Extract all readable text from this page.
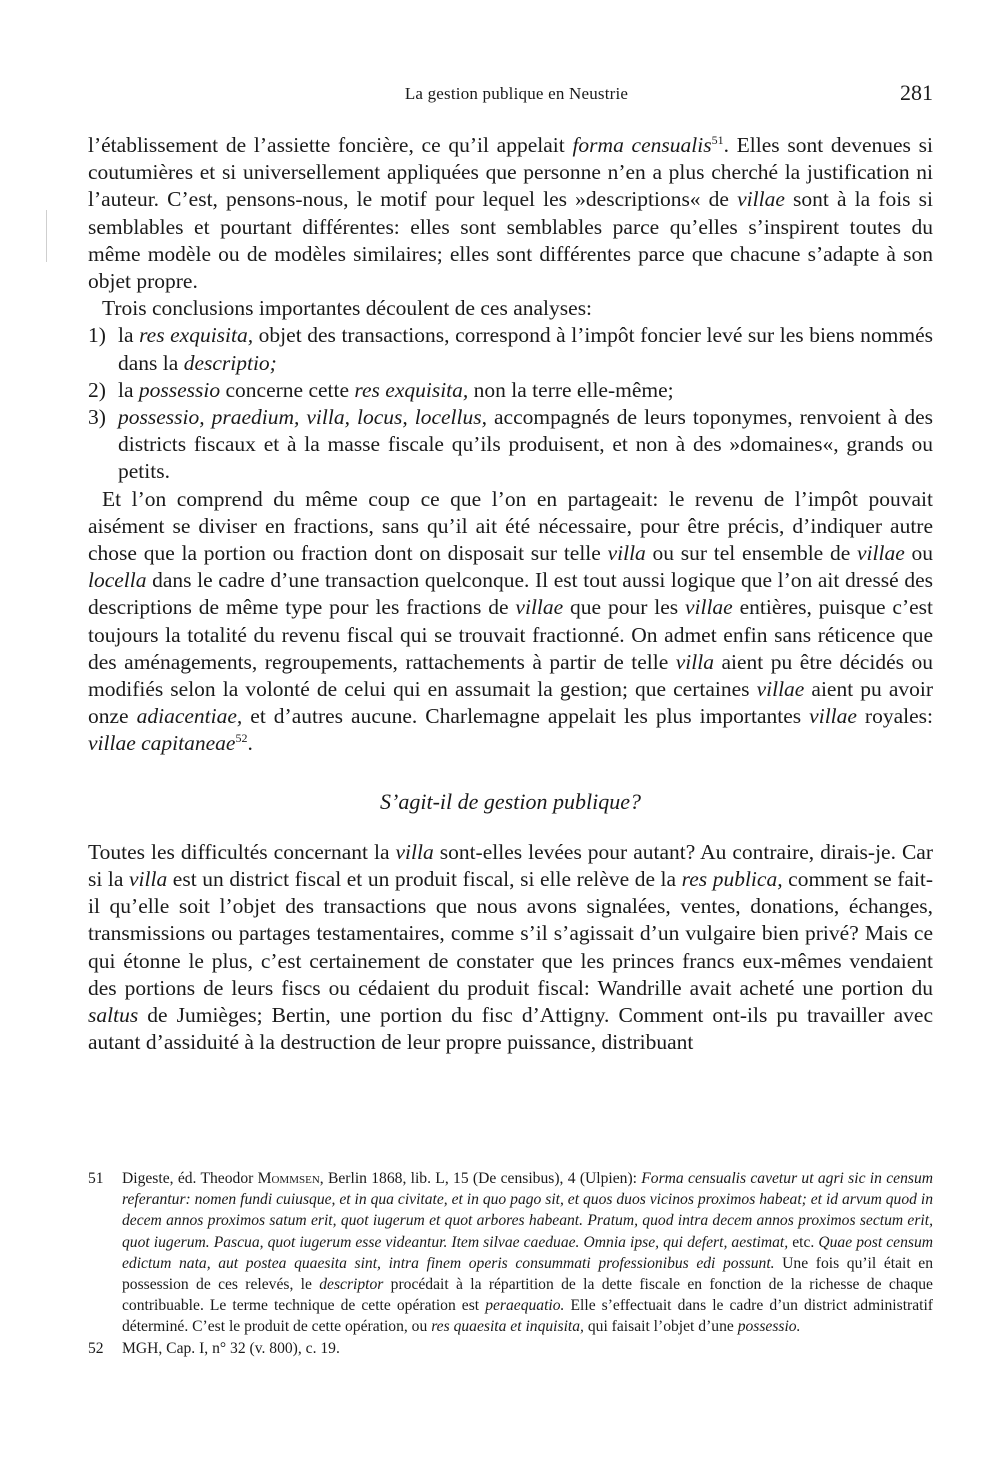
La gestion publique en Neustrie	281

l’établissement de l’assiette foncière, ce qu’il appelait forma censualis$^{51}$. Elles sont devenues si coutumières et si universellement appliquées que personne n’en a plus cherché la justification ni l’auteur. C’est, pensons-nous, le motif pour lequel les »descriptions« de villae sont à la fois si semblables et pourtant différentes: elles sont semblables parce qu’elles s’inspirent toutes du même modèle ou de modèles similaires; elles sont différentes parce que chacune s’adapte à son objet propre.

Trois conclusions importantes découlent de ces analyses:

1) la res exquisita, objet des transactions, correspond à l’impôt foncier levé sur les biens nommés dans la descriptio;
2) la possessio concerne cette res exquisita, non la terre elle-même;
3) possessio, praedium, villa, locus, locellus, accompagnés de leurs toponymes, renvoient à des districts fiscaux et à la masse fiscale qu’ils produisent, et non à des »domaines«, grands ou petits.

Et l’on comprend du même coup ce que l’on en partageait: le revenu de l’impôt pouvait aisément se diviser en fractions, sans qu’il ait été nécessaire, pour être précis, d’indiquer autre chose que la portion ou fraction dont on disposait sur telle villa ou sur tel ensemble de villae ou locella dans le cadre d’une transaction quelconque. Il est tout aussi logique que l’on ait dressé des descriptions de même type pour les fractions de villae que pour les villae entières, puisque c’est toujours la totalité du revenu fiscal qui se trouvait fractionné. On admet enfin sans réticence que des aménagements, regroupements, rattachements à partir de telle villa aient pu être décidés ou modifiés selon la volonté de celui qui en assumait la gestion; que certaines villae aient pu avoir onze adiacentiae, et d’autres aucune. Charlemagne appelait les plus importantes villae royales: villae capitaneae$^{52}$.

S’agit-il de gestion publique?

Toutes les difficultés concernant la villa sont-elles levées pour autant? Au contraire, dirais-je. Car si la villa est un district fiscal et un produit fiscal, si elle relève de la res publica, comment se fait-il qu’elle soit l’objet des transactions que nous avons signalées, ventes, donations, échanges, transmissions ou partages testamentaires, comme s’il s’agissait d’un vulgaire bien privé? Mais ce qui étonne le plus, c’est certainement de constater que les princes francs eux-mêmes vendaient des portions de leurs fiscs ou cédaient du produit fiscal: Wandrille avait acheté une portion du saltus de Jumièges; Bertin, une portion du fisc d’Attigny. Comment ont-ils pu travailler avec autant d’assiduité à la destruction de leur propre puissance, distribuant

51 Digeste, éd. Theodor Mommsen, Berlin 1868, lib. L, 15 (De censibus), 4 (Ulpien): Forma censualis cavetur ut agri sic in censum referantur: nomen fundi cuiusque, et in qua civitate, et in quo pago sit, et quos duos vicinos proximos habeat; et id arvum quod in decem annos proximos satum erit, quot iugerum et quot arbores habeant. Pratum, quod intra decem annos proximos sectum erit, quot iugerum. Pascua, quot iugerum esse videantur. Item silvae caeduae. Omnia ipse, qui defert, aestimat, etc. Quae post censum edictum nata, aut postea quaesita sint, intra finem operis consummati professionibus edi possunt. Une fois qu’il était en possession de ces relevés, le descriptor procédait à la répartition de la dette fiscale en fonction de la richesse de chaque contribuable. Le terme technique de cette opération est peraequatio. Elle s’effectuait dans le cadre d’un district administratif déterminé. C’est le produit de cette opération, ou res quaesita et inquisita, qui faisait l’objet d’une possessio.

52 MGH, Cap. I, n° 32 (v. 800), c. 19.
